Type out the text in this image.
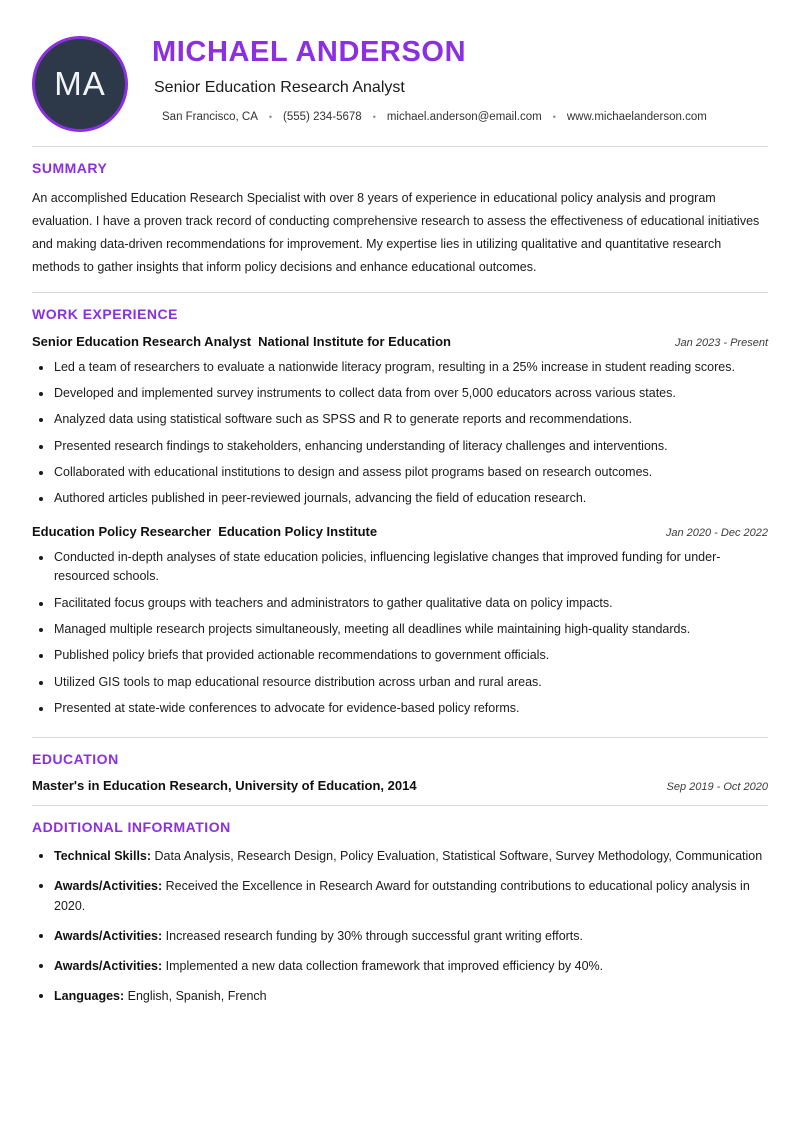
MA
MICHAEL ANDERSON
Senior Education Research Analyst
San Francisco, CA	• (555) 234-5678	• michael.anderson@email.com	• www.michaelanderson.com
SUMMARY

An accomplished Education Research Specialist with over 8 years of experience in educational policy analysis and program evaluation. I have a proven track record of conducting comprehensive research to assess the effectiveness of educational initiatives and making data-driven recommendations for improvement. My expertise lies in utilizing qualitative and quantitative research methods to gather insights that inform policy decisions and enhance educational outcomes.

WORK EXPERIENCE
Senior Education Research Analyst National Institute for Education	Jan 2023 - Present
Led a team of researchers to evaluate a nationwide literacy program, resulting in a 25% increase in student reading scores.
Developed and implemented survey instruments to collect data from over 5,000 educators across various states.
Analyzed data using statistical software such as SPSS and R to generate reports and recommendations.
Presented research findings to stakeholders, enhancing understanding of literacy challenges and interventions.
Collaborated with educational institutions to design and assess pilot programs based on research outcomes.
Authored articles published in peer-reviewed journals, advancing the field of education research.
Education Policy Researcher Education Policy Institute	Jan 2020 - Dec 2022
Conducted in-depth analyses of state education policies, influencing legislative changes that improved funding for under-resourced schools.
Facilitated focus groups with teachers and administrators to gather qualitative data on policy impacts.
Managed multiple research projects simultaneously, meeting all deadlines while maintaining high-quality standards.
Published policy briefs that provided actionable recommendations to government officials.
Utilized GIS tools to map educational resource distribution across urban and rural areas.
Presented at state-wide conferences to advocate for evidence-based policy reforms.
EDUCATION
Master's in Education Research, University of Education, 2014	Sep 2019 - Oct 2020
ADDITIONAL INFORMATION
Technical Skills: Data Analysis, Research Design, Policy Evaluation, Statistical Software, Survey Methodology, Communication
Awards/Activities: Received the Excellence in Research Award for outstanding contributions to educational policy analysis in 2020.
Awards/Activities: Increased research funding by 30% through successful grant writing efforts.
Awards/Activities: Implemented a new data collection framework that improved efficiency by 40%.
Languages: English, Spanish, French
